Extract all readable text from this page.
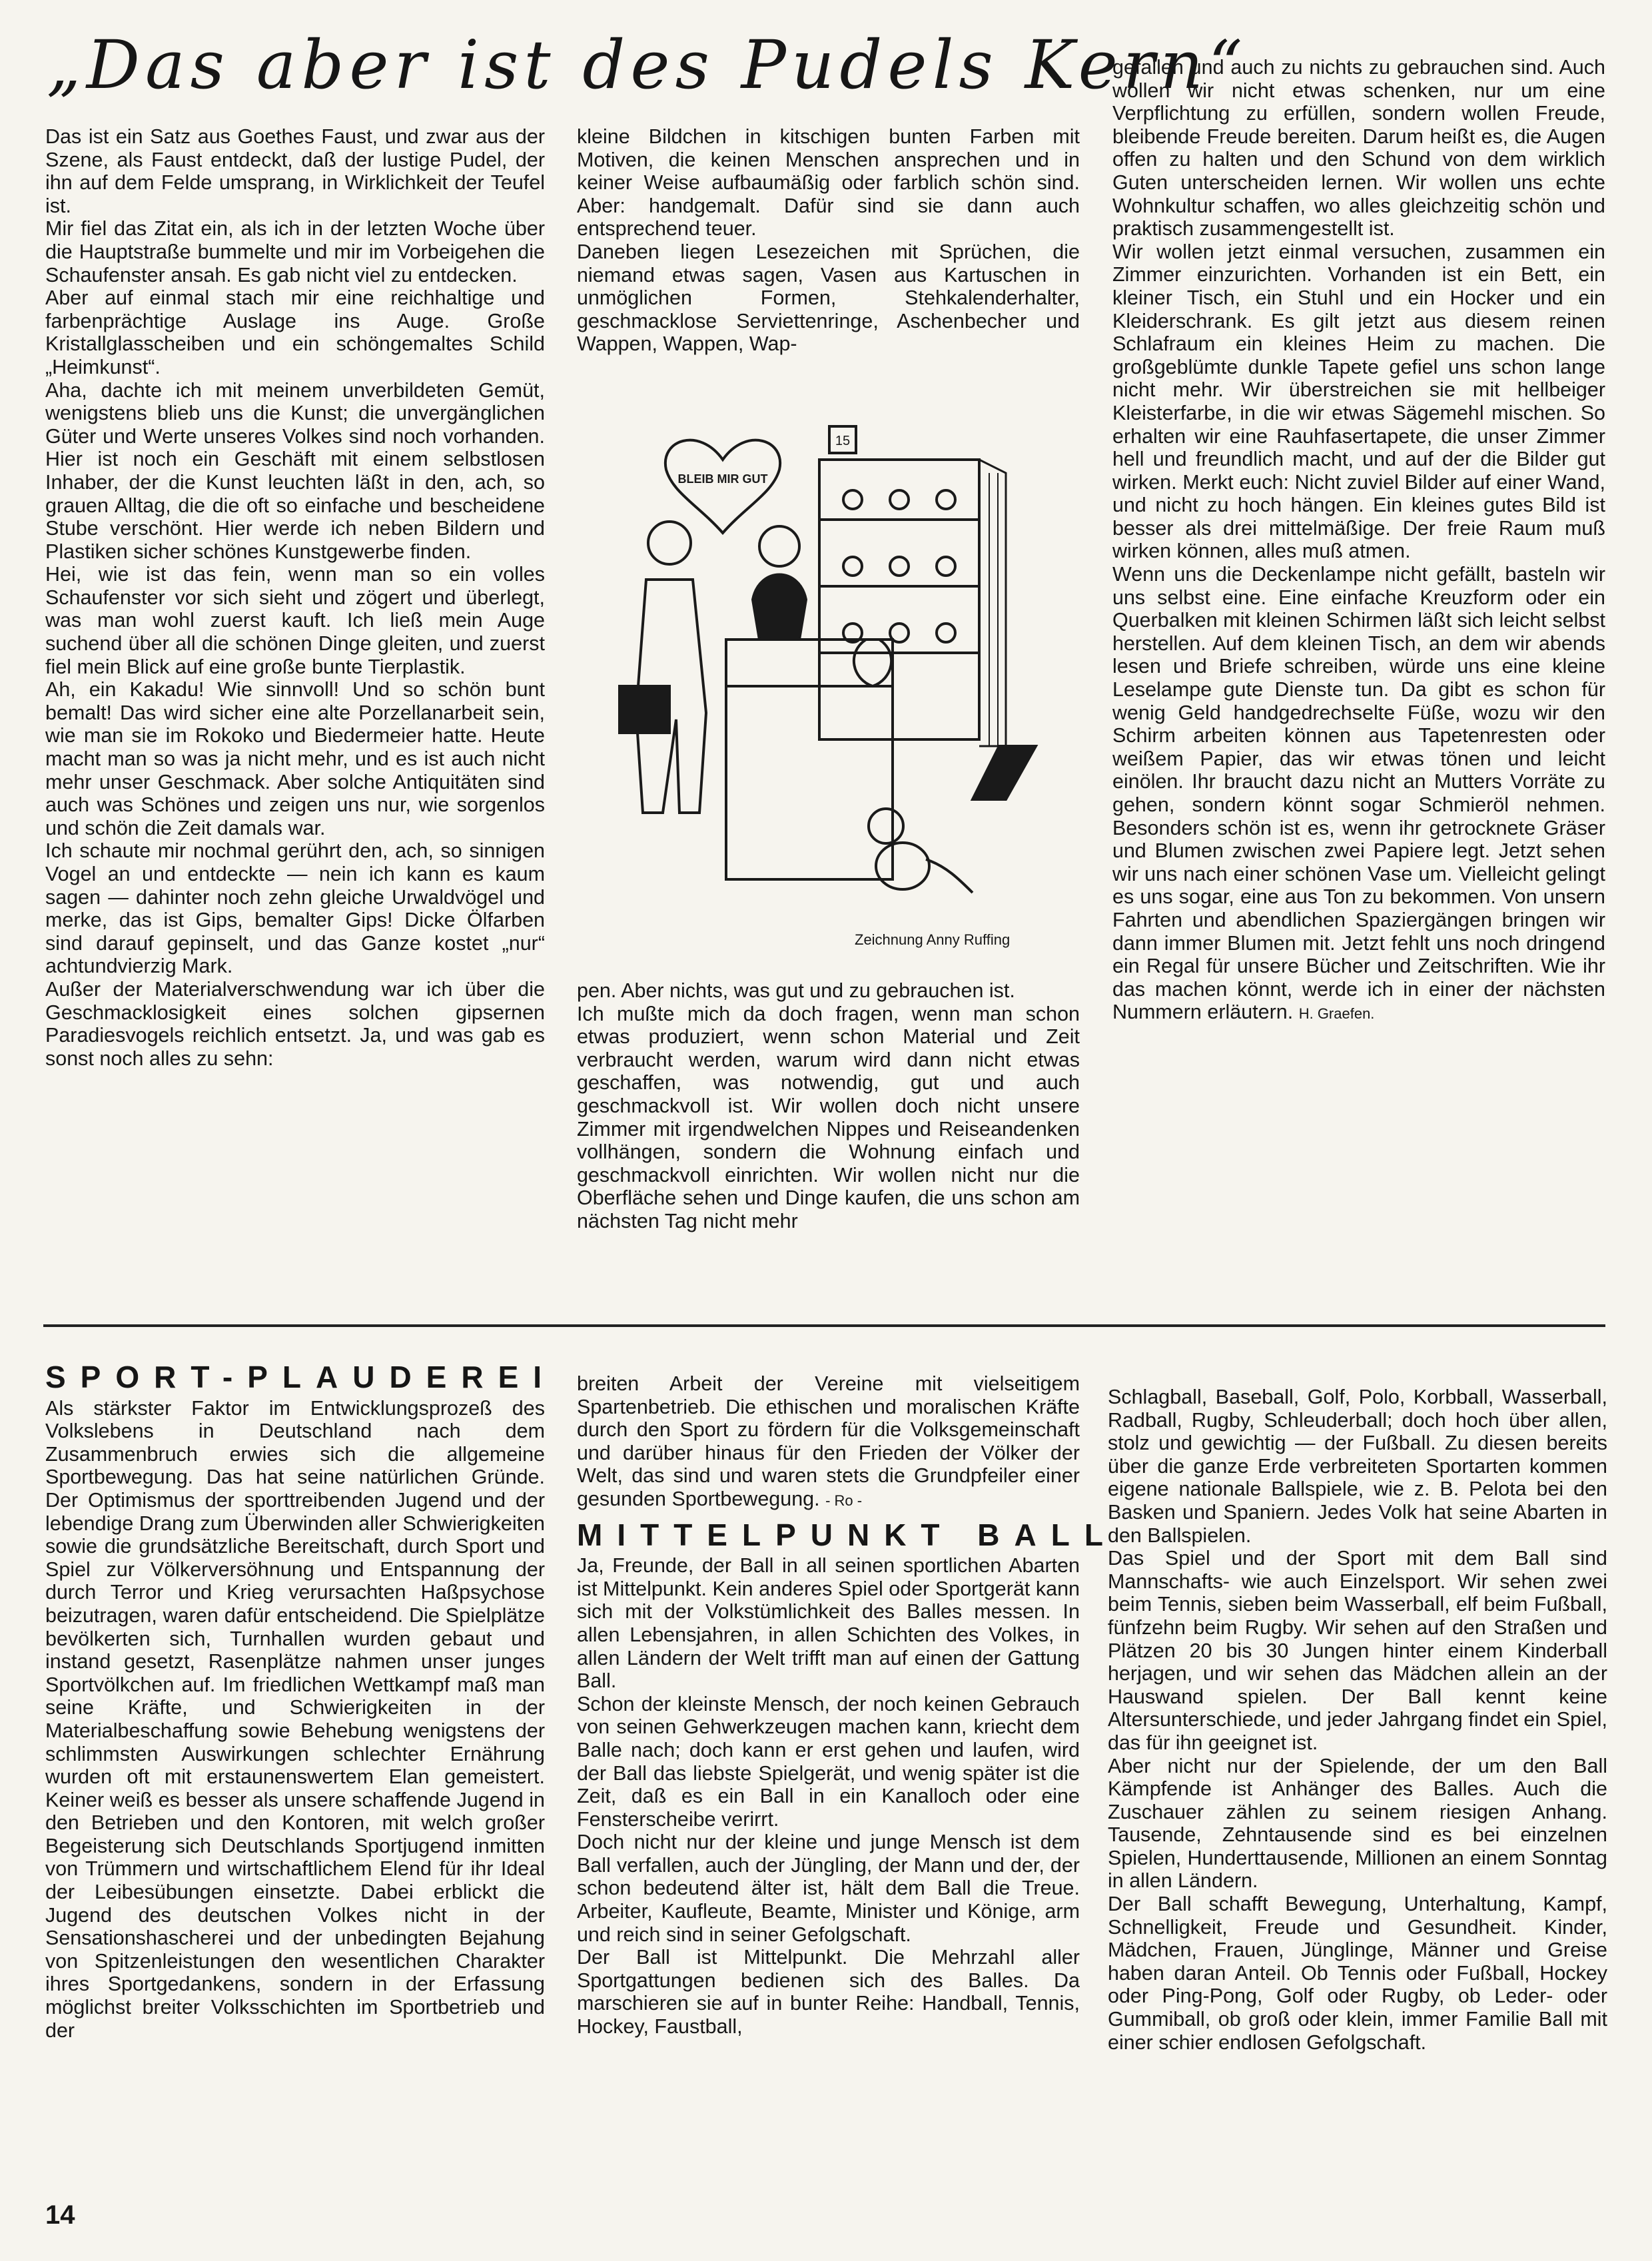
„Das aber ist des Pudels Kern“

Das ist ein Satz aus Goethes Faust, und zwar aus der Szene, als Faust entdeckt, daß der lustige Pudel, der ihn auf dem Felde umsprang, in Wirklichkeit der Teufel ist.

Mir fiel das Zitat ein, als ich in der letzten Woche über die Hauptstraße bummelte und mir im Vorbeigehen die Schaufenster ansah. Es gab nicht viel zu entdecken.

Aber auf einmal stach mir eine reichhaltige und farbenprächtige Auslage ins Auge. Große Kristallglasscheiben und ein schöngemaltes Schild „Heimkunst“.

Aha, dachte ich mit meinem unverbildeten Gemüt, wenigstens blieb uns die Kunst; die unvergänglichen Güter und Werte unseres Volkes sind noch vorhanden. Hier ist noch ein Geschäft mit einem selbstlosen Inhaber, der die Kunst leuchten läßt in den, ach, so grauen Alltag, die die oft so einfache und bescheidene Stube verschönt. Hier werde ich neben Bildern und Plastiken sicher schönes Kunstgewerbe finden.

Hei, wie ist das fein, wenn man so ein volles Schaufenster vor sich sieht und zögert und überlegt, was man wohl zuerst kauft. Ich ließ mein Auge suchend über all die schönen Dinge gleiten, und zuerst fiel mein Blick auf eine große bunte Tierplastik.

Ah, ein Kakadu! Wie sinnvoll! Und so schön bunt bemalt! Das wird sicher eine alte Porzellanarbeit sein, wie man sie im Rokoko und Biedermeier hatte. Heute macht man so was ja nicht mehr, und es ist auch nicht mehr unser Geschmack. Aber solche Antiquitäten sind auch was Schönes und zeigen uns nur, wie sorgenlos und schön die Zeit damals war.

Ich schaute mir nochmal gerührt den, ach, so sinnigen Vogel an und entdeckte — nein ich kann es kaum sagen — dahinter noch zehn gleiche Urwaldvögel und merke, das ist Gips, bemalter Gips! Dicke Ölfarben sind darauf gepinselt, und das Ganze kostet „nur“ achtundvierzig Mark.

Außer der Materialverschwendung war ich über die Geschmacklosigkeit eines solchen gipsernen Paradiesvogels reichlich entsetzt. Ja, und was gab es sonst noch alles zu sehn:

kleine Bildchen in kitschigen bunten Farben mit Motiven, die keinen Menschen ansprechen und in keiner Weise aufbaumäßig oder farblich schön sind. Aber: handgemalt. Dafür sind sie dann auch entsprechend teuer.

Daneben liegen Lesezeichen mit Sprüchen, die niemand etwas sagen, Vasen aus Kartuschen in unmöglichen Formen, Stehkalenderhalter, geschmacklose Serviettenringe, Aschenbecher und Wappen, Wappen, Wap-

BLEIB MIR GUT
15
Zeichnung Anny Ruffing

pen. Aber nichts, was gut und zu gebrauchen ist.

Ich mußte mich da doch fragen, wenn man schon etwas produziert, wenn schon Material und Zeit verbraucht werden, warum wird dann nicht etwas geschaffen, was notwendig, gut und auch geschmackvoll ist. Wir wollen doch nicht unsere Zimmer mit irgendwelchen Nippes und Reiseandenken vollhängen, sondern die Wohnung einfach und geschmackvoll einrichten. Wir wollen nicht nur die Oberfläche sehen und Dinge kaufen, die uns schon am nächsten Tag nicht mehr

gefallen und auch zu nichts zu gebrauchen sind. Auch wollen wir nicht etwas schenken, nur um eine Verpflichtung zu erfüllen, sondern wollen Freude, bleibende Freude bereiten. Darum heißt es, die Augen offen zu halten und den Schund von dem wirklich Guten unterscheiden lernen. Wir wollen uns echte Wohnkultur schaffen, wo alles gleichzeitig schön und praktisch zusammengestellt ist.

Wir wollen jetzt einmal versuchen, zusammen ein Zimmer einzurichten. Vorhanden ist ein Bett, ein kleiner Tisch, ein Stuhl und ein Hocker und ein Kleiderschrank. Es gilt jetzt aus diesem reinen Schlafraum ein kleines Heim zu machen. Die großgeblümte dunkle Tapete gefiel uns schon lange nicht mehr. Wir überstreichen sie mit hellbeiger Kleisterfarbe, in die wir etwas Sägemehl mischen. So erhalten wir eine Rauhfasertapete, die unser Zimmer hell und freundlich macht, und auf der die Bilder gut wirken. Merkt euch: Nicht zuviel Bilder auf einer Wand, und nicht zu hoch hängen. Ein kleines gutes Bild ist besser als drei mittelmäßige. Der freie Raum muß wirken können, alles muß atmen.

Wenn uns die Deckenlampe nicht gefällt, basteln wir uns selbst eine. Eine einfache Kreuzform oder ein Querbalken mit kleinen Schirmen läßt sich leicht selbst herstellen. Auf dem kleinen Tisch, an dem wir abends lesen und Briefe schreiben, würde uns eine kleine Leselampe gute Dienste tun. Da gibt es schon für wenig Geld handgedrechselte Füße, wozu wir den Schirm arbeiten können aus Tapetenresten oder weißem Papier, das wir etwas tönen und leicht einölen. Ihr braucht dazu nicht an Mutters Vorräte zu gehen, sondern könnt sogar Schmieröl nehmen. Besonders schön ist es, wenn ihr getrocknete Gräser und Blumen zwischen zwei Papiere legt. Jetzt sehen wir uns nach einer schönen Vase um. Vielleicht gelingt es uns sogar, eine aus Ton zu bekommen. Von unsern Fahrten und abendlichen Spaziergängen bringen wir dann immer Blumen mit. Jetzt fehlt uns noch dringend ein Regal für unsere Bücher und Zeitschriften. Wie ihr das machen könnt, werde ich in einer der nächsten Nummern erläutern. H. Graefen.

SPORT-PLAUDEREI

Als stärkster Faktor im Entwicklungsprozeß des Volkslebens in Deutschland nach dem Zusammenbruch erwies sich die allgemeine Sportbewegung. Das hat seine natürlichen Gründe. Der Optimismus der sporttreibenden Jugend und der lebendige Drang zum Überwinden aller Schwierigkeiten sowie die grundsätzliche Bereitschaft, durch Sport und Spiel zur Völkerversöhnung und Entspannung der durch Terror und Krieg verursachten Haßpsychose beizutragen, waren dafür entscheidend. Die Spielplätze bevölkerten sich, Turnhallen wurden gebaut und instand gesetzt, Rasenplätze nahmen unser junges Sportvölkchen auf. Im friedlichen Wettkampf maß man seine Kräfte, und Schwierigkeiten in der Materialbeschaffung sowie Behebung wenigstens der schlimmsten Auswirkungen schlechter Ernährung wurden oft mit erstaunenswertem Elan gemeistert. Keiner weiß es besser als unsere schaffende Jugend in den Betrieben und den Kontoren, mit welch großer Begeisterung sich Deutschlands Sportjugend inmitten von Trümmern und wirtschaftlichem Elend für ihr Ideal der Leibesübungen einsetzte. Dabei erblickt die Jugend des deutschen Volkes nicht in der Sensationshascherei und der unbedingten Bejahung von Spitzenleistungen den wesentlichen Charakter ihres Sportgedankens, sondern in der Erfassung möglichst breiter Volksschichten im Sportbetrieb und der

breiten Arbeit der Vereine mit vielseitigem Spartenbetrieb. Die ethischen und moralischen Kräfte durch den Sport zu fördern für die Volksgemeinschaft und darüber hinaus für den Frieden der Völker der Welt, das sind und waren stets die Grundpfeiler einer gesunden Sportbewegung. - Ro -

MITTELPUNKT BALL

Ja, Freunde, der Ball in all seinen sportlichen Abarten ist Mittelpunkt. Kein anderes Spiel oder Sportgerät kann sich mit der Volkstümlichkeit des Balles messen. In allen Lebensjahren, in allen Schichten des Volkes, in allen Ländern der Welt trifft man auf einen der Gattung Ball.

Schon der kleinste Mensch, der noch keinen Gebrauch von seinen Gehwerkzeugen machen kann, kriecht dem Balle nach; doch kann er erst gehen und laufen, wird der Ball das liebste Spielgerät, und wenig später ist die Zeit, daß es ein Ball in ein Kanalloch oder eine Fensterscheibe verirrt.

Doch nicht nur der kleine und junge Mensch ist dem Ball verfallen, auch der Jüngling, der Mann und der, der schon bedeutend älter ist, hält dem Ball die Treue. Arbeiter, Kaufleute, Beamte, Minister und Könige, arm und reich sind in seiner Gefolgschaft.

Der Ball ist Mittelpunkt. Die Mehrzahl aller Sportgattungen bedienen sich des Balles. Da marschieren sie auf in bunter Reihe: Handball, Tennis, Hockey, Faustball,

Schlagball, Baseball, Golf, Polo, Korbball, Wasserball, Radball, Rugby, Schleuderball; doch hoch über allen, stolz und gewichtig — der Fußball. Zu diesen bereits über die ganze Erde verbreiteten Sportarten kommen eigene nationale Ballspiele, wie z. B. Pelota bei den Basken und Spaniern. Jedes Volk hat seine Abarten in den Ballspielen.

Das Spiel und der Sport mit dem Ball sind Mannschafts- wie auch Einzelsport. Wir sehen zwei beim Tennis, sieben beim Wasserball, elf beim Fußball, fünfzehn beim Rugby. Wir sehen auf den Straßen und Plätzen 20 bis 30 Jungen hinter einem Kinderball herjagen, und wir sehen das Mädchen allein an der Hauswand spielen. Der Ball kennt keine Altersunterschiede, und jeder Jahrgang findet ein Spiel, das für ihn geeignet ist.

Aber nicht nur der Spielende, der um den Ball Kämpfende ist Anhänger des Balles. Auch die Zuschauer zählen zu seinem riesigen Anhang. Tausende, Zehntausende sind es bei einzelnen Spielen, Hunderttausende, Millionen an einem Sonntag in allen Ländern.

Der Ball schafft Bewegung, Unterhaltung, Kampf, Schnelligkeit, Freude und Gesundheit. Kinder, Mädchen, Frauen, Jünglinge, Männer und Greise haben daran Anteil. Ob Tennis oder Fußball, Hockey oder Ping-Pong, Golf oder Rugby, ob Leder- oder Gummiball, ob groß oder klein, immer Familie Ball mit einer schier endlosen Gefolgschaft.

14
